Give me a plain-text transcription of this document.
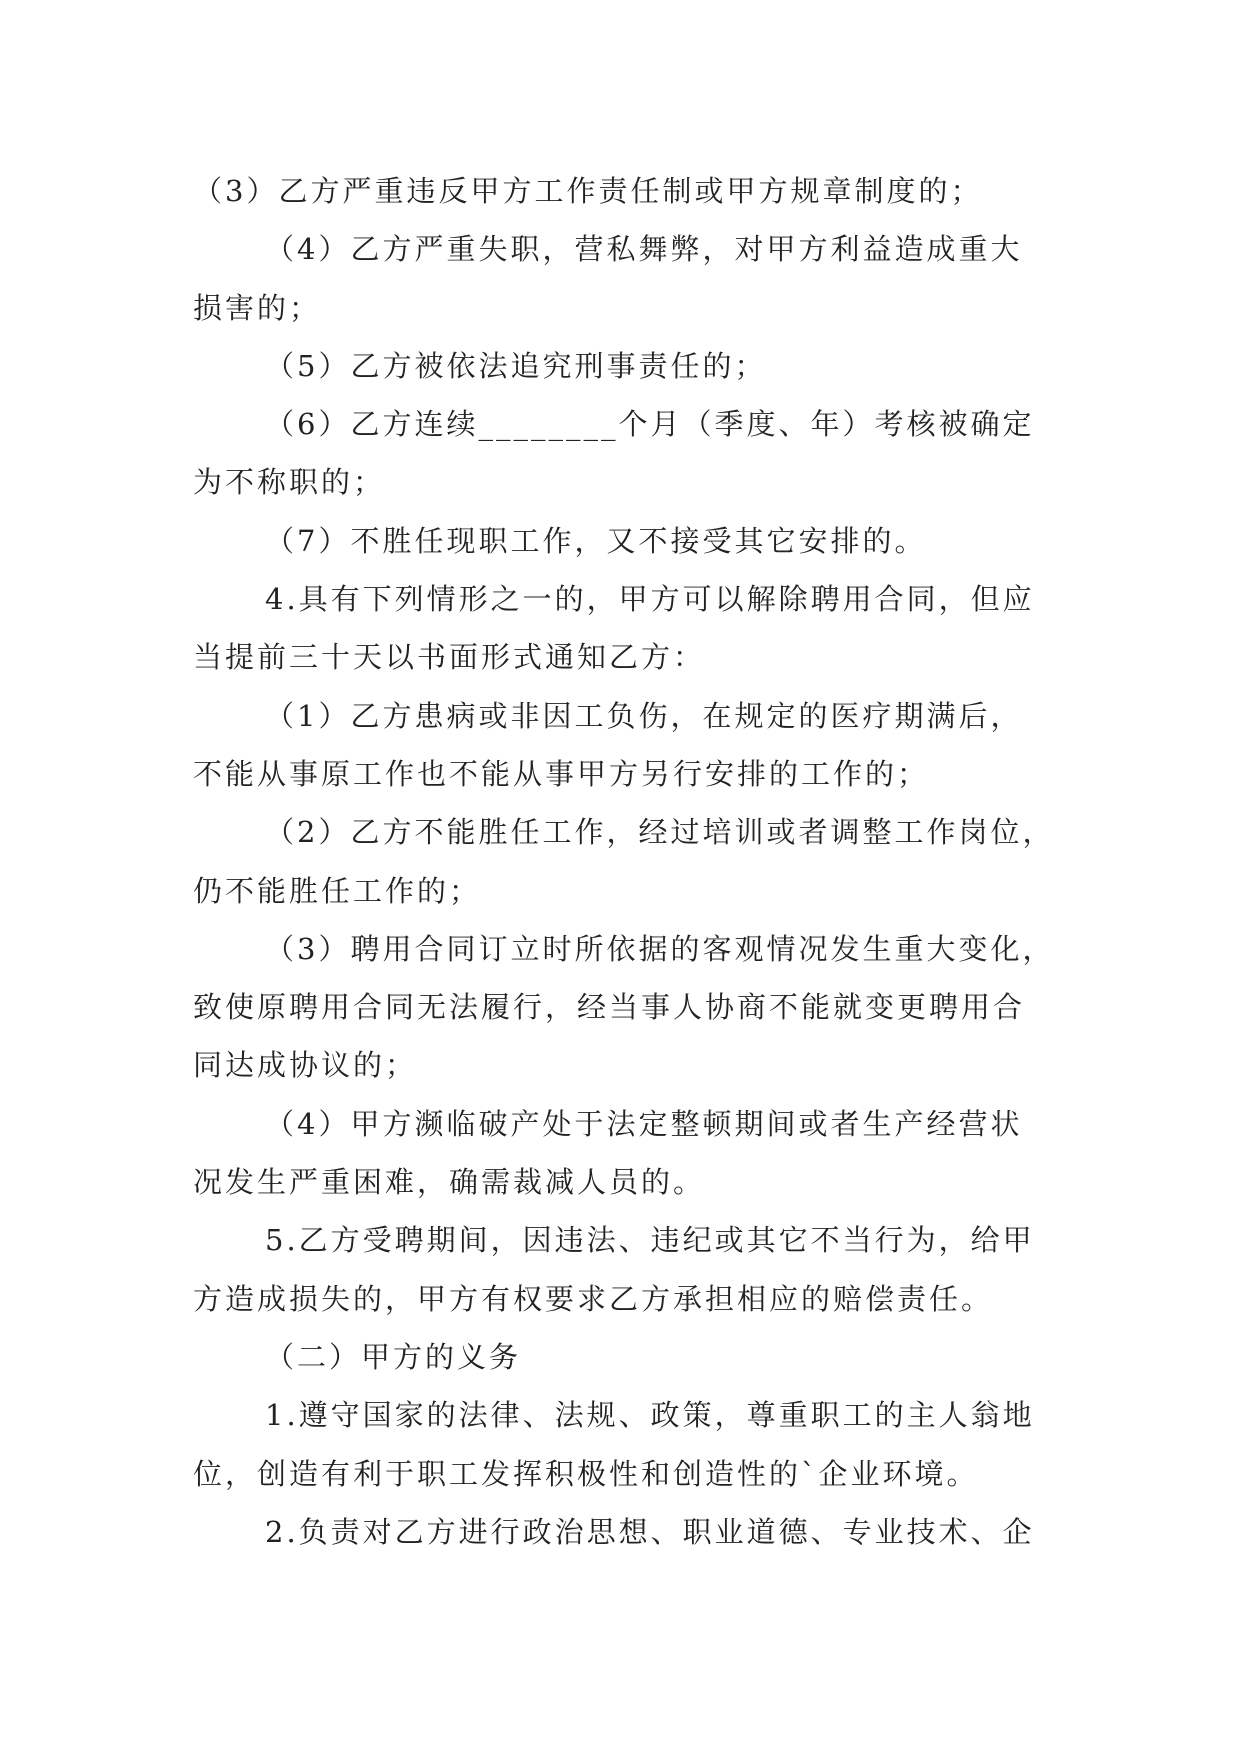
（3）乙方严重违反甲方工作责任制或甲方规章制度的；
（4）乙方严重失职，营私舞弊，对甲方利益造成重大
损害的；
（5）乙方被依法追究刑事责任的；
（6）乙方连续________个月（季度、年）考核被确定
为不称职的；
（7）不胜任现职工作，又不接受其它安排的。
4.具有下列情形之一的，甲方可以解除聘用合同，但应
当提前三十天以书面形式通知乙方：
（1）乙方患病或非因工负伤，在规定的医疗期满后，
不能从事原工作也不能从事甲方另行安排的工作的；
（2）乙方不能胜任工作，经过培训或者调整工作岗位，
仍不能胜任工作的；
（3）聘用合同订立时所依据的客观情况发生重大变化，
致使原聘用合同无法履行，经当事人协商不能就变更聘用合
同达成协议的；
（4）甲方濒临破产处于法定整顿期间或者生产经营状
况发生严重困难，确需裁减人员的。
5.乙方受聘期间，因违法、违纪或其它不当行为，给甲
方造成损失的，甲方有权要求乙方承担相应的赔偿责任。
（二）甲方的义务
1.遵守国家的法律、法规、政策，尊重职工的主人翁地
位，创造有利于职工发挥积极性和创造性的`企业环境。
2.负责对乙方进行政治思想、职业道德、专业技术、企
